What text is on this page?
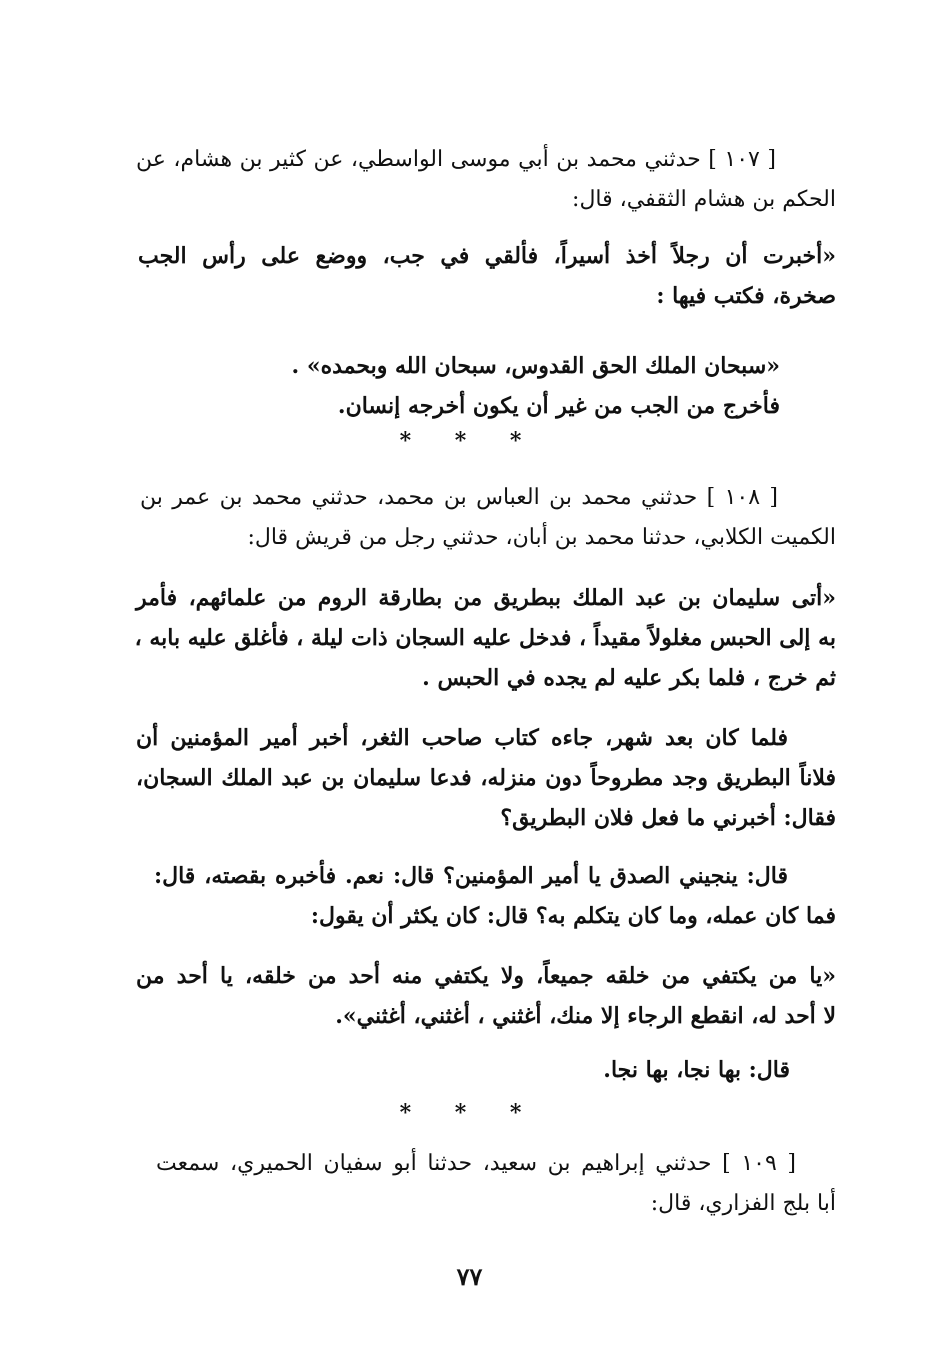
[ ١٠٧ ] حدثني محمد بن أبي موسى الواسطي، عن كثير بن هشام، عن
الحكم بن هشام الثقفي، قال:
«أخبرت أن رجلاً أخذ أسيراً، فألقي في جب، ووضع على رأس الجب
صخرة، فكتب فيها :
«سبحان الملك الحق القدوس، سبحان الله وبحمده» .
فأخرج من الجب من غير أن يكون أخرجه إنسان.
* * *
[ ١٠٨ ] حدثني محمد بن العباس بن محمد، حدثني محمد بن عمر بن
الكميت الكلابي، حدثنا محمد بن أبان، حدثني رجل من قريش قال:
«أتى سليمان بن عبد الملك ببطريق من بطارقة الروم من علمائهم، فأمر
به إلى الحبس مغلولاً مقيداً ، فدخل عليه السجان ذات ليلة ، فأغلق عليه بابه ،
ثم خرج ، فلما بكر عليه لم يجده في الحبس .
فلما كان بعد شهر، جاءه كتاب صاحب الثغر، أخبر أمير المؤمنين أن
فلاناً البطريق وجد مطروحاً دون منزله، فدعا سليمان بن عبد الملك السجان،
فقال: أخبرني ما فعل فلان البطريق؟
قال: ينجيني الصدق يا أمير المؤمنين؟ قال: نعم. فأخبره بقصته، قال:
فما كان عمله، وما كان يتكلم به؟ قال: كان يكثر أن يقول:
«يا من يكتفي من خلقه جميعاً، ولا يكتفي منه أحد من خلقه، يا أحد من
لا أحد له، انقطع الرجاء إلا منك، أغثني ، أغثني، أغثني».
قال: بها نجا، بها نجا.
* * *
[ ١٠٩ ] حدثني إبراهيم بن سعيد، حدثنا أبو سفيان الحميري، سمعت
أبا بلج الفزاري، قال:
٧٧
